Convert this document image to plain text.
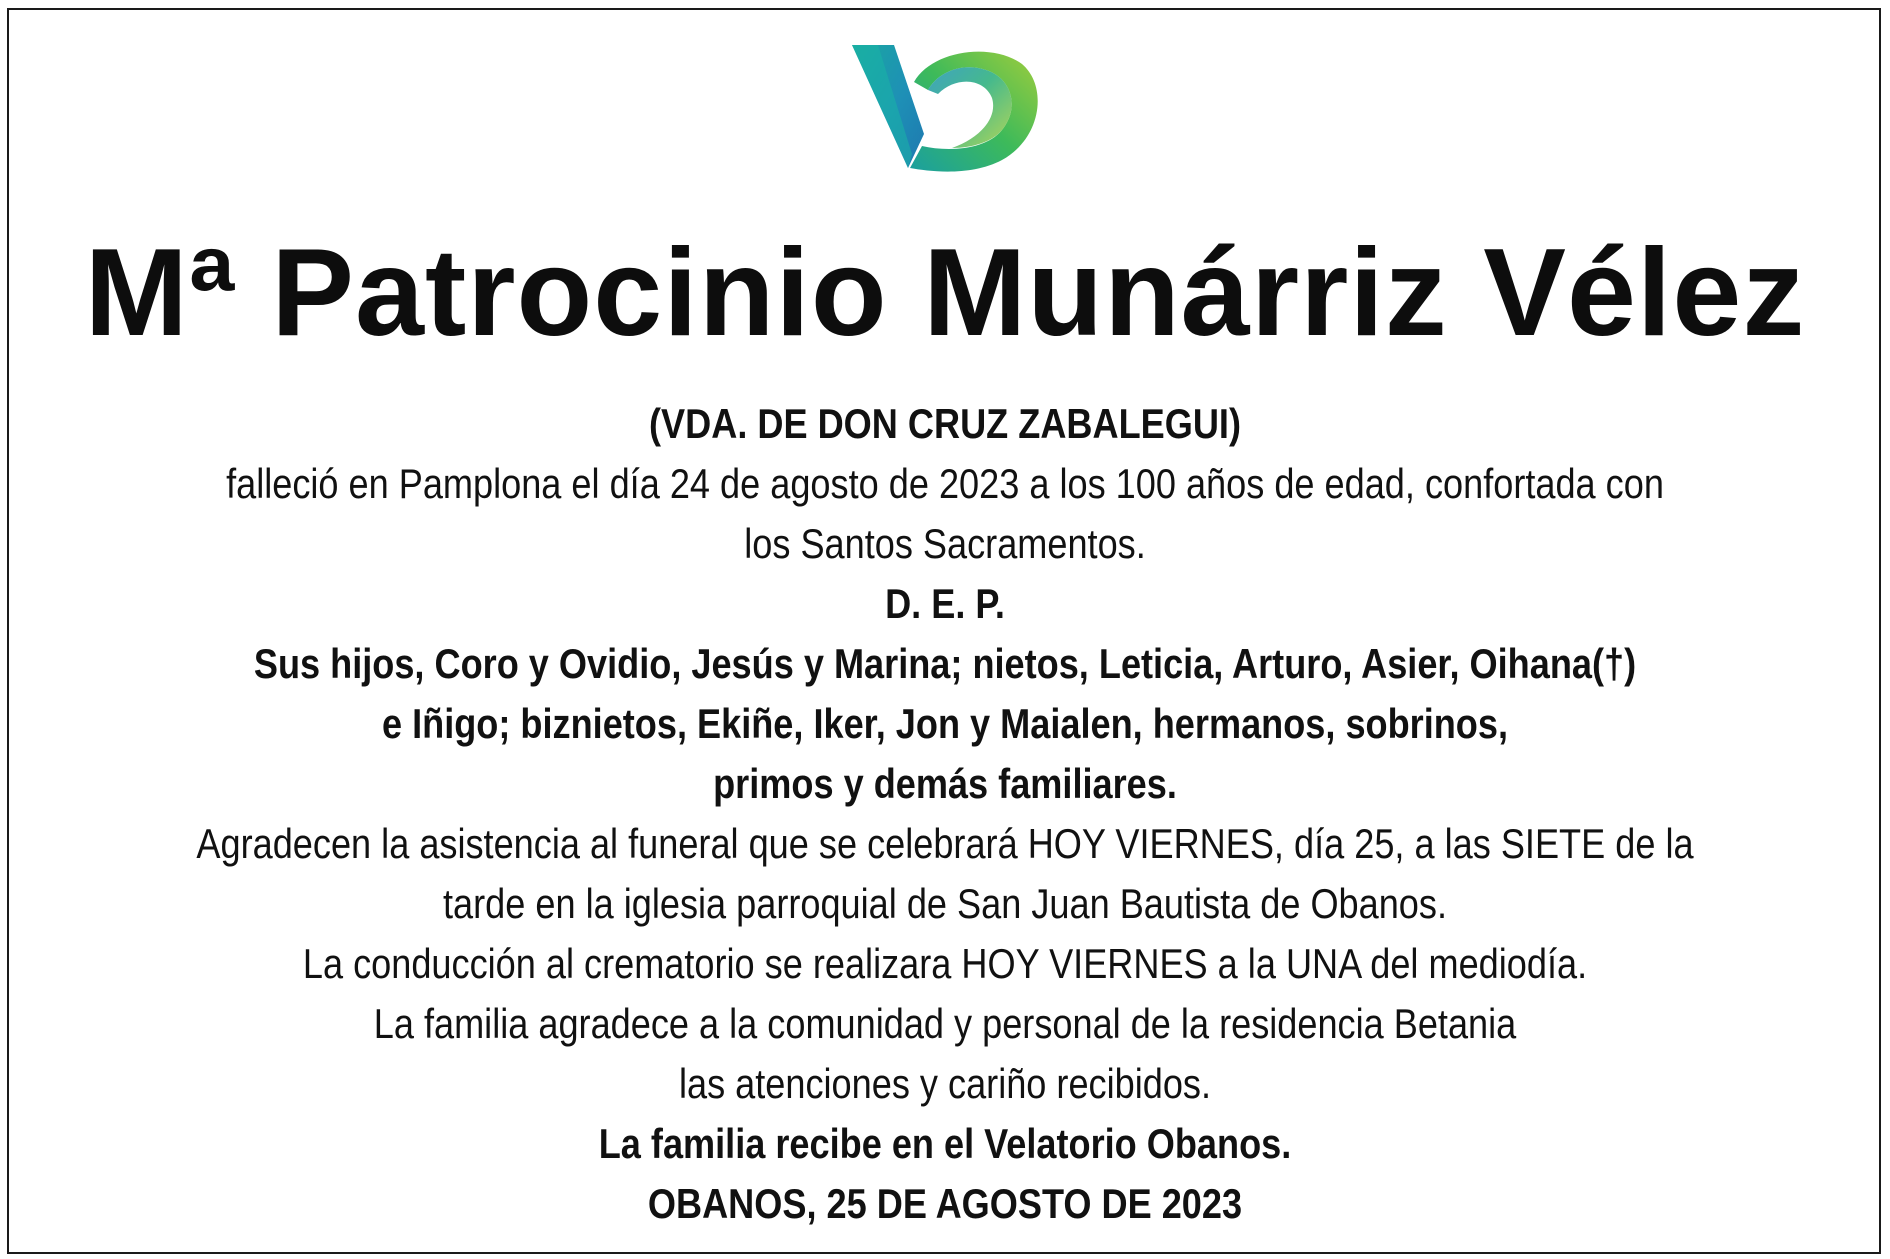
Mª Patrocinio Munárriz Vélez
(VDA. DE DON CRUZ ZABALEGUI)
falleció en Pamplona el día 24 de agosto de 2023 a los 100 años de edad, confortada con
los Santos Sacramentos.
D. E. P.
Sus hijos, Coro y Ovidio, Jesús y Marina; nietos, Leticia, Arturo, Asier, Oihana(†)
e Iñigo; biznietos, Ekiñe, Iker, Jon y Maialen, hermanos, sobrinos,
primos y demás familiares.
Agradecen la asistencia al funeral que se celebrará HOY VIERNES, día 25, a las SIETE de la
tarde en la iglesia parroquial de San Juan Bautista de Obanos.
La conducción al crematorio se realizara HOY VIERNES a la UNA del mediodía.
La familia agradece a la comunidad y personal de la residencia Betania
las atenciones y cariño recibidos.
La familia recibe en el Velatorio Obanos.
OBANOS, 25 DE AGOSTO DE 2023
